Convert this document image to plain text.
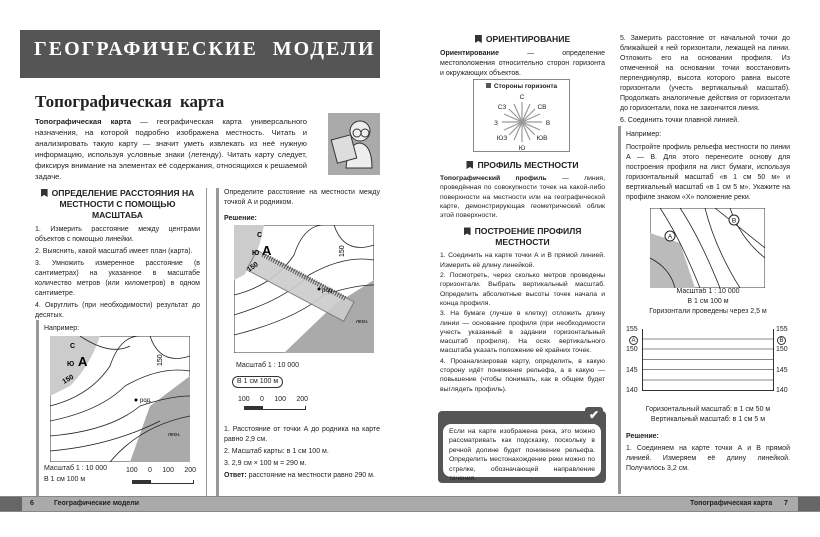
ГЕОГРАФИЧЕСКИЕ МОДЕЛИ
Топографическая карта
Топографическая карта — географическая карта универсального назначения, на которой подробно изображена местность. Читать и анализировать такую карту — значит уметь извлекать из неё нужную информацию, используя условные знаки (легенду). Читать карту следует, фиксируя внимание на элементах её содержания, относящихся к решаемой задаче.
ОПРЕДЕЛЕНИЕ РАССТОЯНИЯ НА МЕСТНОСТИ С ПОМОЩЬЮ МАСШТАБА

1. Измерить расстояние между центрами объектов с помощью линейки.

2. Выяснить, какой масштаб имеет план (карта).

3. Умножить измеренное расстояние (в сантиметрах) на указанное в масштабе количество метров (или километров) в одном сантиметре.

4. Округлить (при необходимости) результат до десятых.

Например:
С
Ю А
150
150
род.
лесн.
Масштаб 1 : 10 000
В 1 см 100 м
100 0 100 200

Определите расстояние на местности между точкой А и родником.

Решение:

С
Ю А
150
150
род.
лесн.
Масштаб 1 : 10 000
В 1 см 100 м
100 0 100 200

1. Расстояние от точки А до родника на карте равно 2,9 см.

2. Масштаб карты: в 1 см 100 м.

3. 2,9 см × 100 м = 290 м.

Ответ: расстояние на местности равно 290 м.

6	Географические модели
ОРИЕНТИРОВАНИЕ

Ориентирование — определение местоположения относительно сторон горизонта и окружающих объектов.

Стороны горизонта
С
СВ
В
ЮВ
Ю
ЮЗ
З
СЗ
ПРОФИЛЬ МЕСТНОСТИ

Топографический профиль — линия, проведённая по совокупности точек на какой-либо поверхности на местности или на географической карте, демонстрирующая геометрический облик этой поверхности.

ПОСТРОЕНИЕ ПРОФИЛЯ МЕСТНОСТИ

1. Соединить на карте точки А и В прямой линией. Измерить её длину линейкой.

2. Посмотреть, через сколько метров проведены горизонтали. Выбрать вертикальный масштаб. Определить абсолютные высоты точек начала и конца профиля.

3. На бумаге (лучше в клетку) отложить длину линии — основание профиля (при необходимости учесть указанный в задании горизонтальный масштаб профиля). На осях вертикального масштаба указать положение её крайних точек.

4. Проанализировав карту, определить, в какую сторону идёт понижение рельефа, а в какую — повышение (чтобы понимать, как в общем будет выглядеть профиль).

✔
Если на карте изображена река, это можно рассматривать как подсказку, поскольку в речной долине будет понижение рельефа. Определить местонахождение реки можно по стрелке, обозначающей направление течения.

5. Замерить расстояние от начальной точки до ближайшей к ней горизонтали, лежащей на линии. Отложить его на основании профиля. Из отмеченной на основании точки восстановить перпендикуляр, высота которого равна высоте горизонтали (учесть вертикальный масштаб). Продолжать аналогичные действия от горизонтали до горизонтали, пока не закончится линия.

6. Соединить точки плавной линией.

Например:

Постройте профиль рельефа местности по линии А — В. Для этого перенесите основу для построения профиля на лист бумаги, используя горизонтальный масштаб «в 1 см 50 м» и вертикальный масштаб «в 1 см 5 м». Укажите на профиле знаком «Х» положение реки.

А
В
Масштаб 1 : 10 000
В 1 см 100 м
Горизонтали проведены через 2,5 м
155
150
145
140
155
150
145
140
А	В
Горизонтальный масштаб: в 1 см 50 м
Вертикальный масштаб: в 1 см 5 м

Решение:

1. Соединяем на карте точки А и В прямой линией. Измеряем её длину линейкой. Получилось 3,2 см.

Топографическая карта 7
